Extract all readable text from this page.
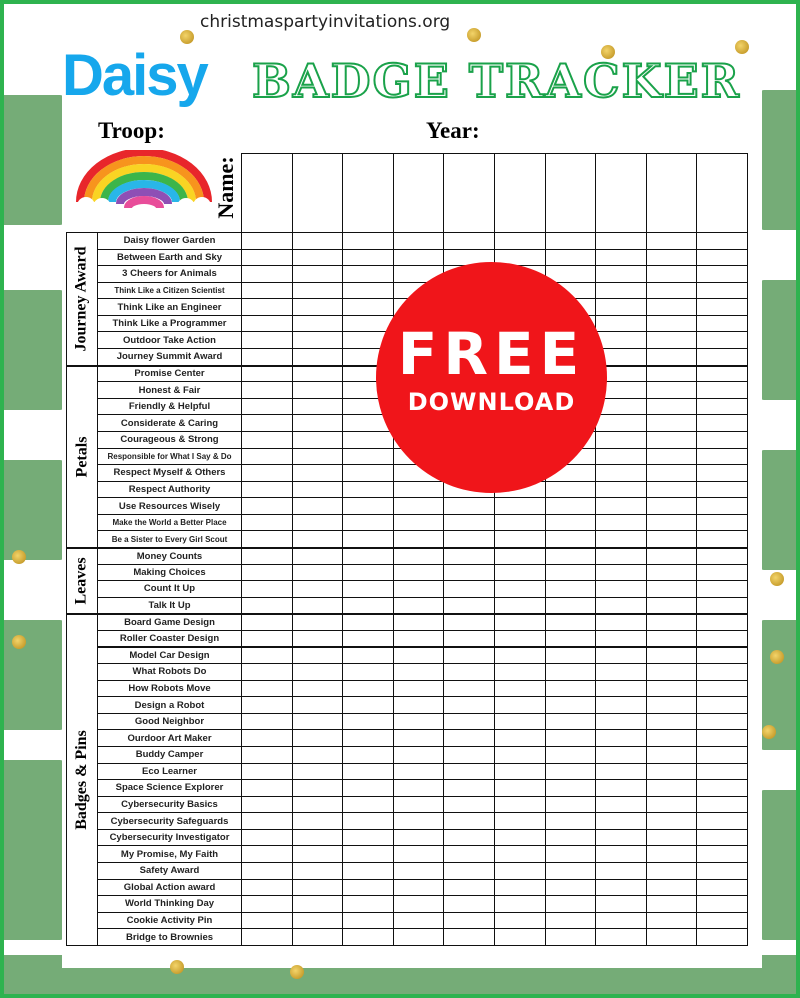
christmaspartyinvitations.org
Daisy BADGE TRACKER
Troop:	Year:
Name:
Journey Award
Daisy flower Garden
Between Earth and Sky
3 Cheers for Animals
Think Like a Citizen Scientist
Think Like an Engineer
Think Like a Programmer
Outdoor Take Action
Journey Summit Award
Petals
Promise Center
Honest & Fair
Friendly & Helpful
Considerate & Caring
Courageous & Strong
Responsible for What I Say & Do
Respect Myself & Others
Respect Authority
Use Resources Wisely
Make the World a Better Place
Be a Sister to Every Girl Scout
Leaves
Money Counts
Making Choices
Count It Up
Talk It Up
Badges & Pins
Board Game Design
Roller Coaster Design
Model Car Design
What Robots Do
How Robots Move
Design a Robot
Good Neighbor
Ourdoor Art Maker
Buddy Camper
Eco Learner
Space Science Explorer
Cybersecurity Basics
Cybersecurity Safeguards
Cybersecurity Investigator
My Promise, My Faith
Safety Award
Global Action award
World Thinking Day
Cookie Activity Pin
Bridge to Brownies
FREE
DOWNLOAD
